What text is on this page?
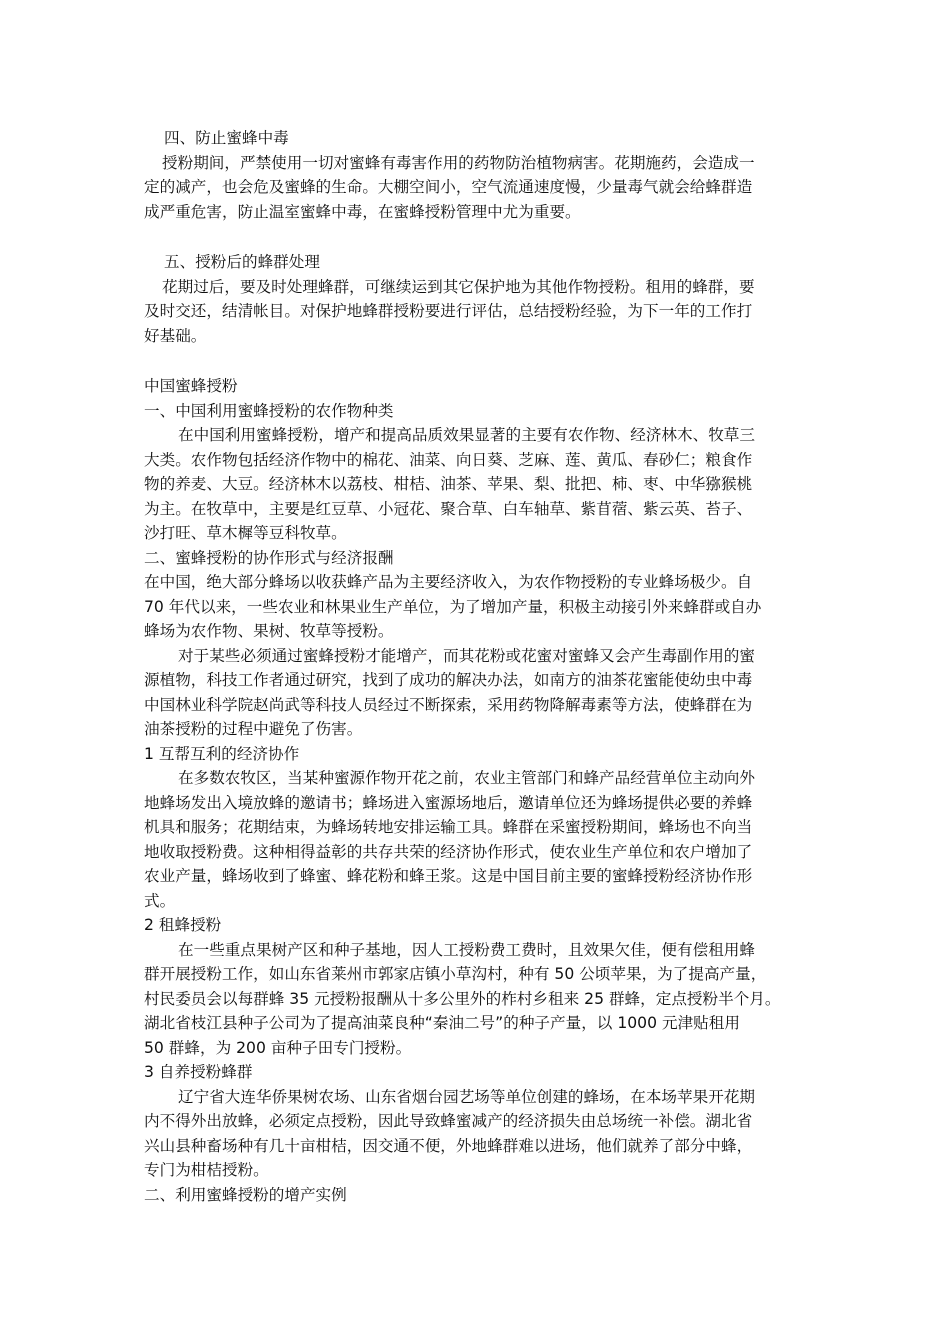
四、防止蜜蜂中毒
授粉期间，严禁使用一切对蜜蜂有毒害作用的药物防治植物病害。花期施药，会造成一
定的减产，也会危及蜜蜂的生命。大棚空间小，空气流通速度慢，少量毒气就会给蜂群造
成严重危害，防止温室蜜蜂中毒，在蜜蜂授粉管理中尤为重要。
五、授粉后的蜂群处理
花期过后，要及时处理蜂群，可继续运到其它保护地为其他作物授粉。租用的蜂群，要
及时交还，结清帐目。对保护地蜂群授粉要进行评估，总结授粉经验，为下一年的工作打
好基础。
中国蜜蜂授粉
一、中国利用蜜蜂授粉的农作物种类
在中国利用蜜蜂授粉，增产和提高品质效果显著的主要有农作物、经济林木、牧草三
大类。农作物包括经济作物中的棉花、油菜、向日葵、芝麻、莲、黄瓜、春砂仁；粮食作
物的养麦、大豆。经济林木以荔枝、柑桔、油茶、苹果、梨、批把、柿、枣、中华猕猴桃
为主。在牧草中，主要是红豆草、小冠花、聚合草、白车轴草、紫苜蓿、紫云英、苔子、
沙打旺、草木樨等豆科牧草。
二、蜜蜂授粉的协作形式与经济报酬
在中国，绝大部分蜂场以收获蜂产品为主要经济收入，为农作物授粉的专业蜂场极少。自
70 年代以来，一些农业和林果业生产单位，为了增加产量，积极主动接引外来蜂群或自办
蜂场为农作物、果树、牧草等授粉。
对于某些必须通过蜜蜂授粉才能增产，而其花粉或花蜜对蜜蜂又会产生毒副作用的蜜
源植物，科技工作者通过研究，找到了成功的解决办法，如南方的油茶花蜜能使幼虫中毒
中国林业科学院赵尚武等科技人员经过不断探索，采用药物降解毒素等方法，使蜂群在为
油茶授粉的过程中避免了伤害。
1 互帮互利的经济协作
在多数农牧区，当某种蜜源作物开花之前，农业主管部门和蜂产品经营单位主动向外
地蜂场发出入境放蜂的邀请书；蜂场进入蜜源场地后，邀请单位还为蜂场提供必要的养蜂
机具和服务；花期结束，为蜂场转地安排运输工具。蜂群在采蜜授粉期间，蜂场也不向当
地收取授粉费。这种相得益彰的共存共荣的经济协作形式，使农业生产单位和农户增加了
农业产量，蜂场收到了蜂蜜、蜂花粉和蜂王浆。这是中国目前主要的蜜蜂授粉经济协作形
式。
2 租蜂授粉
在一些重点果树产区和种子基地，因人工授粉费工费时，且效果欠佳，便有偿租用蜂
群开展授粉工作，如山东省莱州市郭家店镇小草沟村，种有 50 公顷苹果，为了提高产量，
村民委员会以每群蜂 35 元授粉报酬从十多公里外的柞村乡租来 25 群蜂，定点授粉半个月。
湖北省枝江县种子公司为了提高油菜良种“秦油二号”的种子产量，以 1000 元津贴租用
50 群蜂，为 200 亩种子田专门授粉。
3 自养授粉蜂群
辽宁省大连华侨果树农场、山东省烟台园艺场等单位创建的蜂场，在本场苹果开花期
内不得外出放蜂，必须定点授粉，因此导致蜂蜜减产的经济损失由总场统一补偿。湖北省
兴山县种畜场种有几十亩柑桔，因交通不便，外地蜂群难以进场，他们就养了部分中蜂，
专门为柑桔授粉。
二、利用蜜蜂授粉的增产实例
